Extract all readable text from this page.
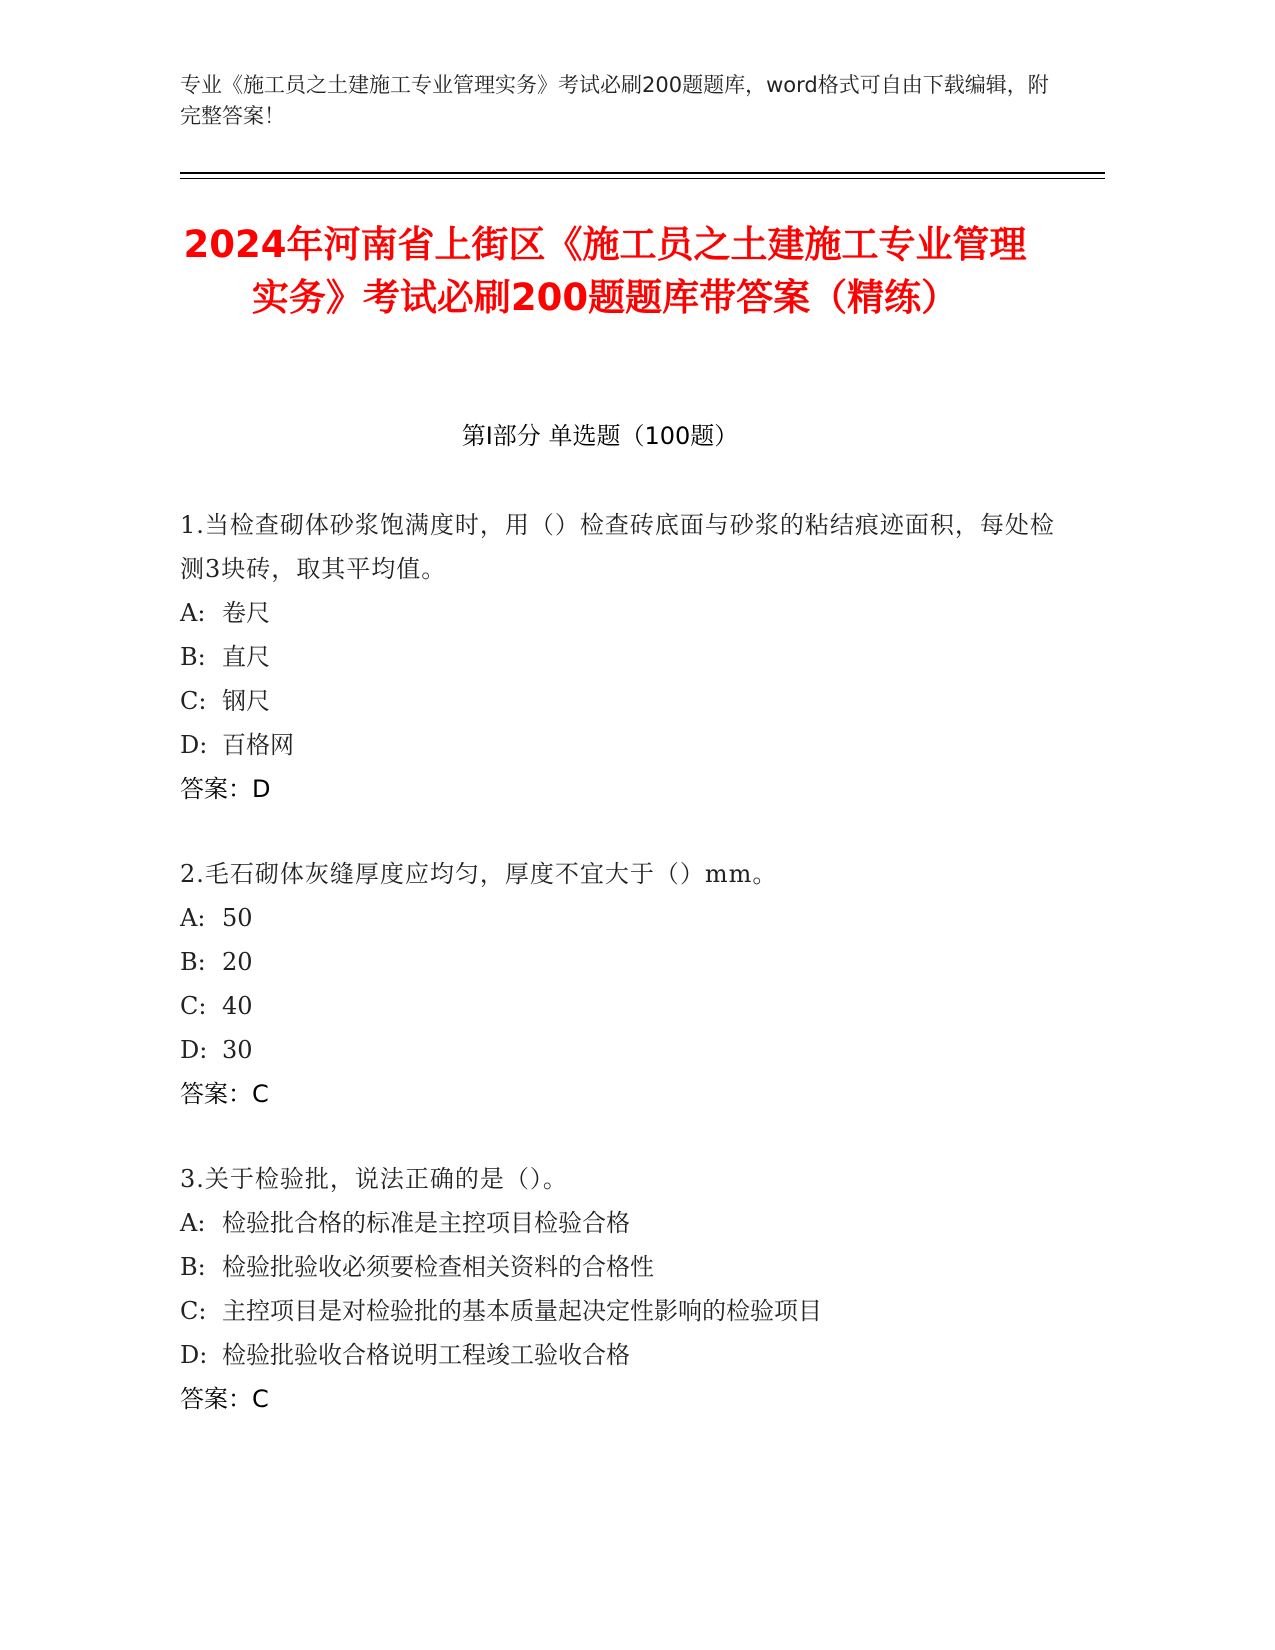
专业《施工员之土建施工专业管理实务》考试必刷200题题库，word格式可自由下载编辑，附完整答案！
2024年河南省上街区《施工员之土建施工专业管理实务》考试必刷200题题库带答案（精练）
第I部分 单选题（100题）

1.当检查砌体砂浆饱满度时，用（）检查砖底面与砂浆的粘结痕迹面积，每处检测3块砖，取其平均值。

A: 卷尺

B: 直尺

C: 钢尺

D: 百格网

答案：D

2.毛石砌体灰缝厚度应均匀，厚度不宜大于（）mm。

A: 50

B: 20

C: 40

D: 30

答案：C

3.关于检验批，说法正确的是（）。

A: 检验批合格的标准是主控项目检验合格

B: 检验批验收必须要检查相关资料的合格性

C: 主控项目是对检验批的基本质量起决定性影响的检验项目

D: 检验批验收合格说明工程竣工验收合格

答案：C
